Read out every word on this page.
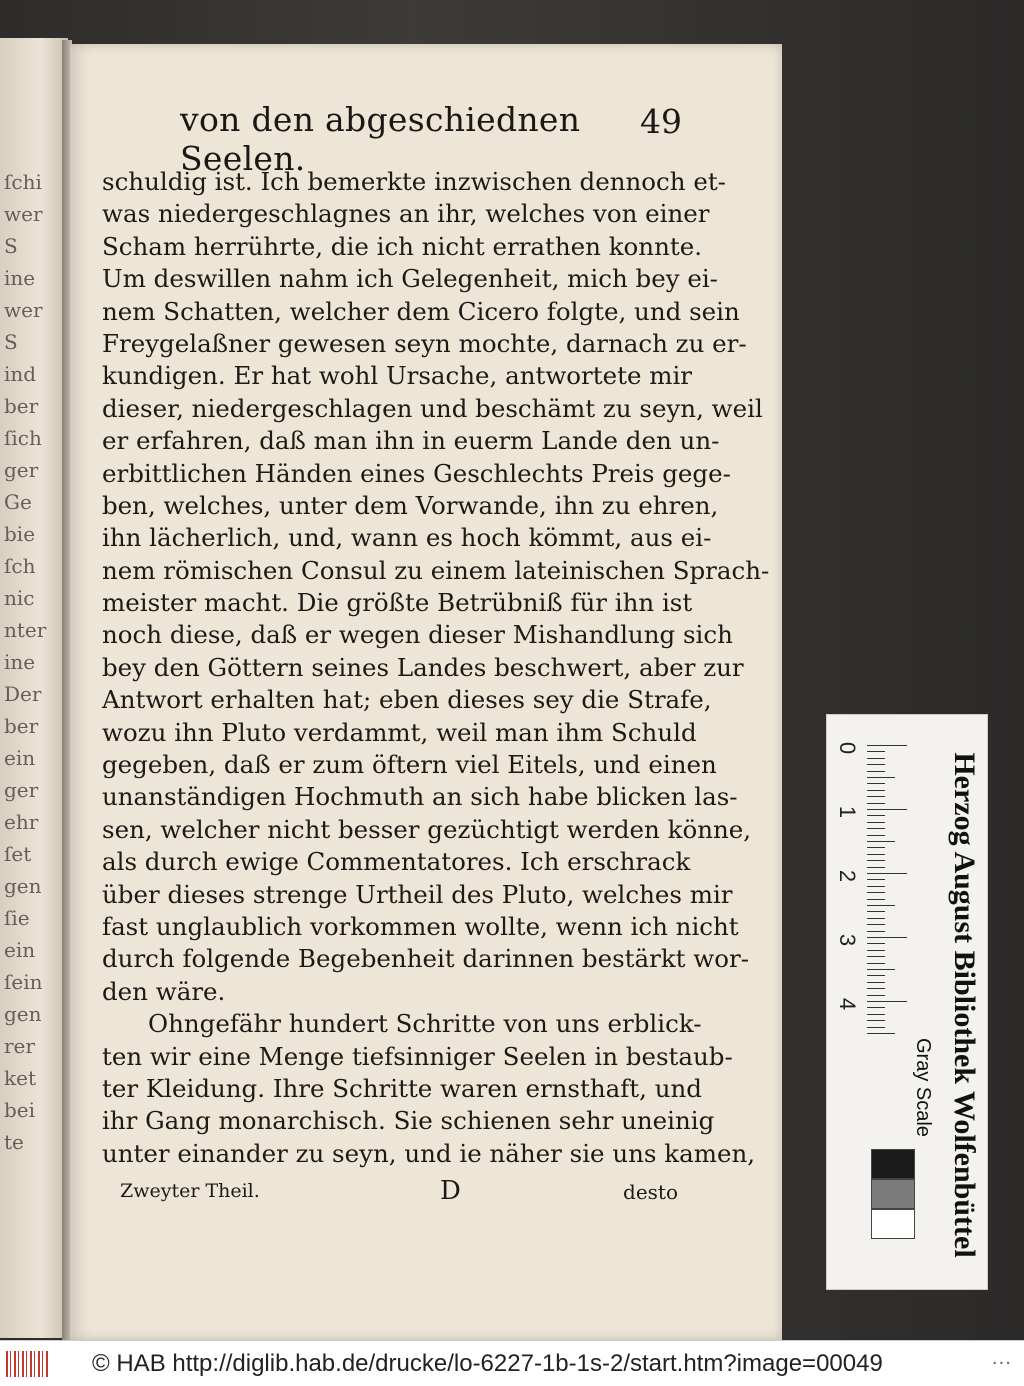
ſchi
wer
S
ine
wer
S
ind
ber
ſich
ger
Ge
bie
ſch
nic
nter
ine
Der
ber
ein
ger
ehr
ſet
gen
ſie
ein
ſein
gen
rer
ket
bei
te
von den abgeschiednen Seelen.
49
schuldig ist. Ich bemerkte inzwischen dennoch et-
was niedergeschlagnes an ihr, welches von einer
Scham herrührte, die ich nicht errathen konnte.
Um deswillen nahm ich Gelegenheit, mich bey ei-
nem Schatten, welcher dem Cicero folgte, und sein
Freygelaßner gewesen seyn mochte, darnach zu er-
kundigen. Er hat wohl Ursache, antwortete mir
dieser, niedergeschlagen und beschämt zu seyn, weil
er erfahren, daß man ihn in euerm Lande den un-
erbittlichen Händen eines Geschlechts Preis gege-
ben, welches, unter dem Vorwande, ihn zu ehren,
ihn lächerlich, und, wann es hoch kömmt, aus ei-
nem römischen Consul zu einem lateinischen Sprach-
meister macht. Die größte Betrübniß für ihn ist
noch diese, daß er wegen dieser Mishandlung sich
bey den Göttern seines Landes beschwert, aber zur
Antwort erhalten hat; eben dieses sey die Strafe,
wozu ihn Pluto verdammt, weil man ihm Schuld
gegeben, daß er zum öftern viel Eitels, und einen
unanständigen Hochmuth an sich habe blicken las-
sen, welcher nicht besser gezüchtigt werden könne,
als durch ewige Commentatores. Ich erschrack
über dieses strenge Urtheil des Pluto, welches mir
fast unglaublich vorkommen wollte, wenn ich nicht
durch folgende Begebenheit darinnen bestärkt wor-
den wäre.
Ohngefähr hundert Schritte von uns erblick-
ten wir eine Menge tiefsinniger Seelen in bestaub-
ter Kleidung. Ihre Schritte waren ernsthaft, und
ihr Gang monarchisch. Sie schienen sehr uneinig
unter einander zu seyn, und ie näher sie uns kamen,
Zweyter Theil.	D	desto	Herzog August Bibliothek Wolfenbüttel
Gray Scale
0
1
2
3
4
© HAB http://diglib.hab.de/drucke/lo-6227-1b-1s-2/start.htm?image=00049	···
